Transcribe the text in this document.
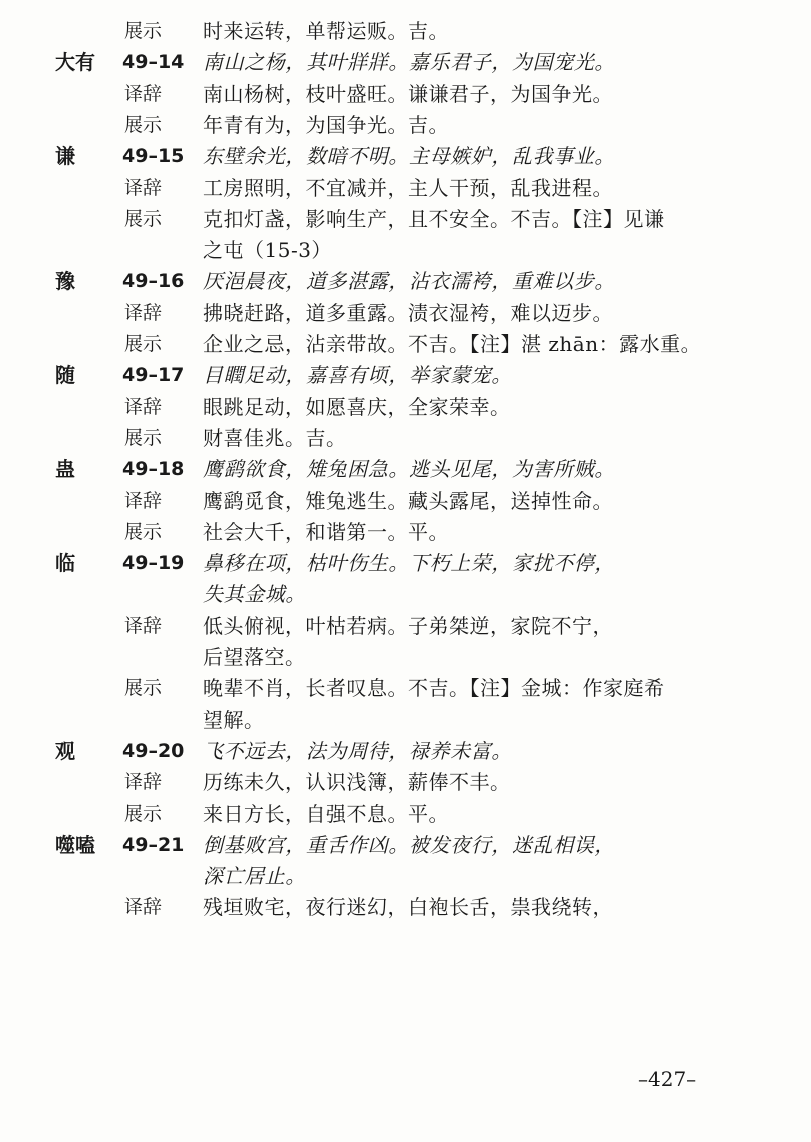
展示 时来运转，单帮运贩。吉。
大有 49–14 南山之杨，其叶牂牂。嘉乐君子，为国宠光。
译辞 南山杨树，枝叶盛旺。谦谦君子，为国争光。
展示 年青有为，为国争光。吉。
谦 49–15 东壁余光，数暗不明。主母嫉妒，乱我事业。
译辞 工房照明，不宜减并，主人干预，乱我进程。
展示 克扣灯盏，影响生产，且不安全。不吉。【注】见谦
之屯（15-3）
豫 49–16 厌浥晨夜，道多湛露，沾衣濡袴，重难以步。
译辞 拂晓赶路，道多重露。渍衣湿袴，难以迈步。
展示 企业之忌，沾亲带故。不吉。【注】湛 zhān：露水重。
随 49–17 目瞤足动，嘉喜有顷，举家蒙宠。
译辞 眼跳足动，如愿喜庆，全家荣幸。
展示 财喜佳兆。吉。
蛊 49–18 鹰鹞欲食，雉兔困急。逃头见尾，为害所贼。
译辞 鹰鹞觅食，雉兔逃生。藏头露尾，送掉性命。
展示 社会大千，和谐第一。平。
临 49–19 鼻移在项，枯叶伤生。下朽上荣，家扰不停，
失其金城。
译辞 低头俯视，叶枯若病。子弟桀逆，家院不宁，
后望落空。
展示 晚辈不肖，长者叹息。不吉。【注】金城：作家庭希
望解。
观 49–20 飞不远去，法为周待，禄养未富。
译辞 历练未久，认识浅簿，薪俸不丰。
展示 来日方长，自强不息。平。
噬嗑 49–21 倒基败宫，重舌作凶。被发夜行，迷乱相误，
深亡居止。
译辞 残垣败宅，夜行迷幻，白袍长舌，祟我绕转，
–427–
